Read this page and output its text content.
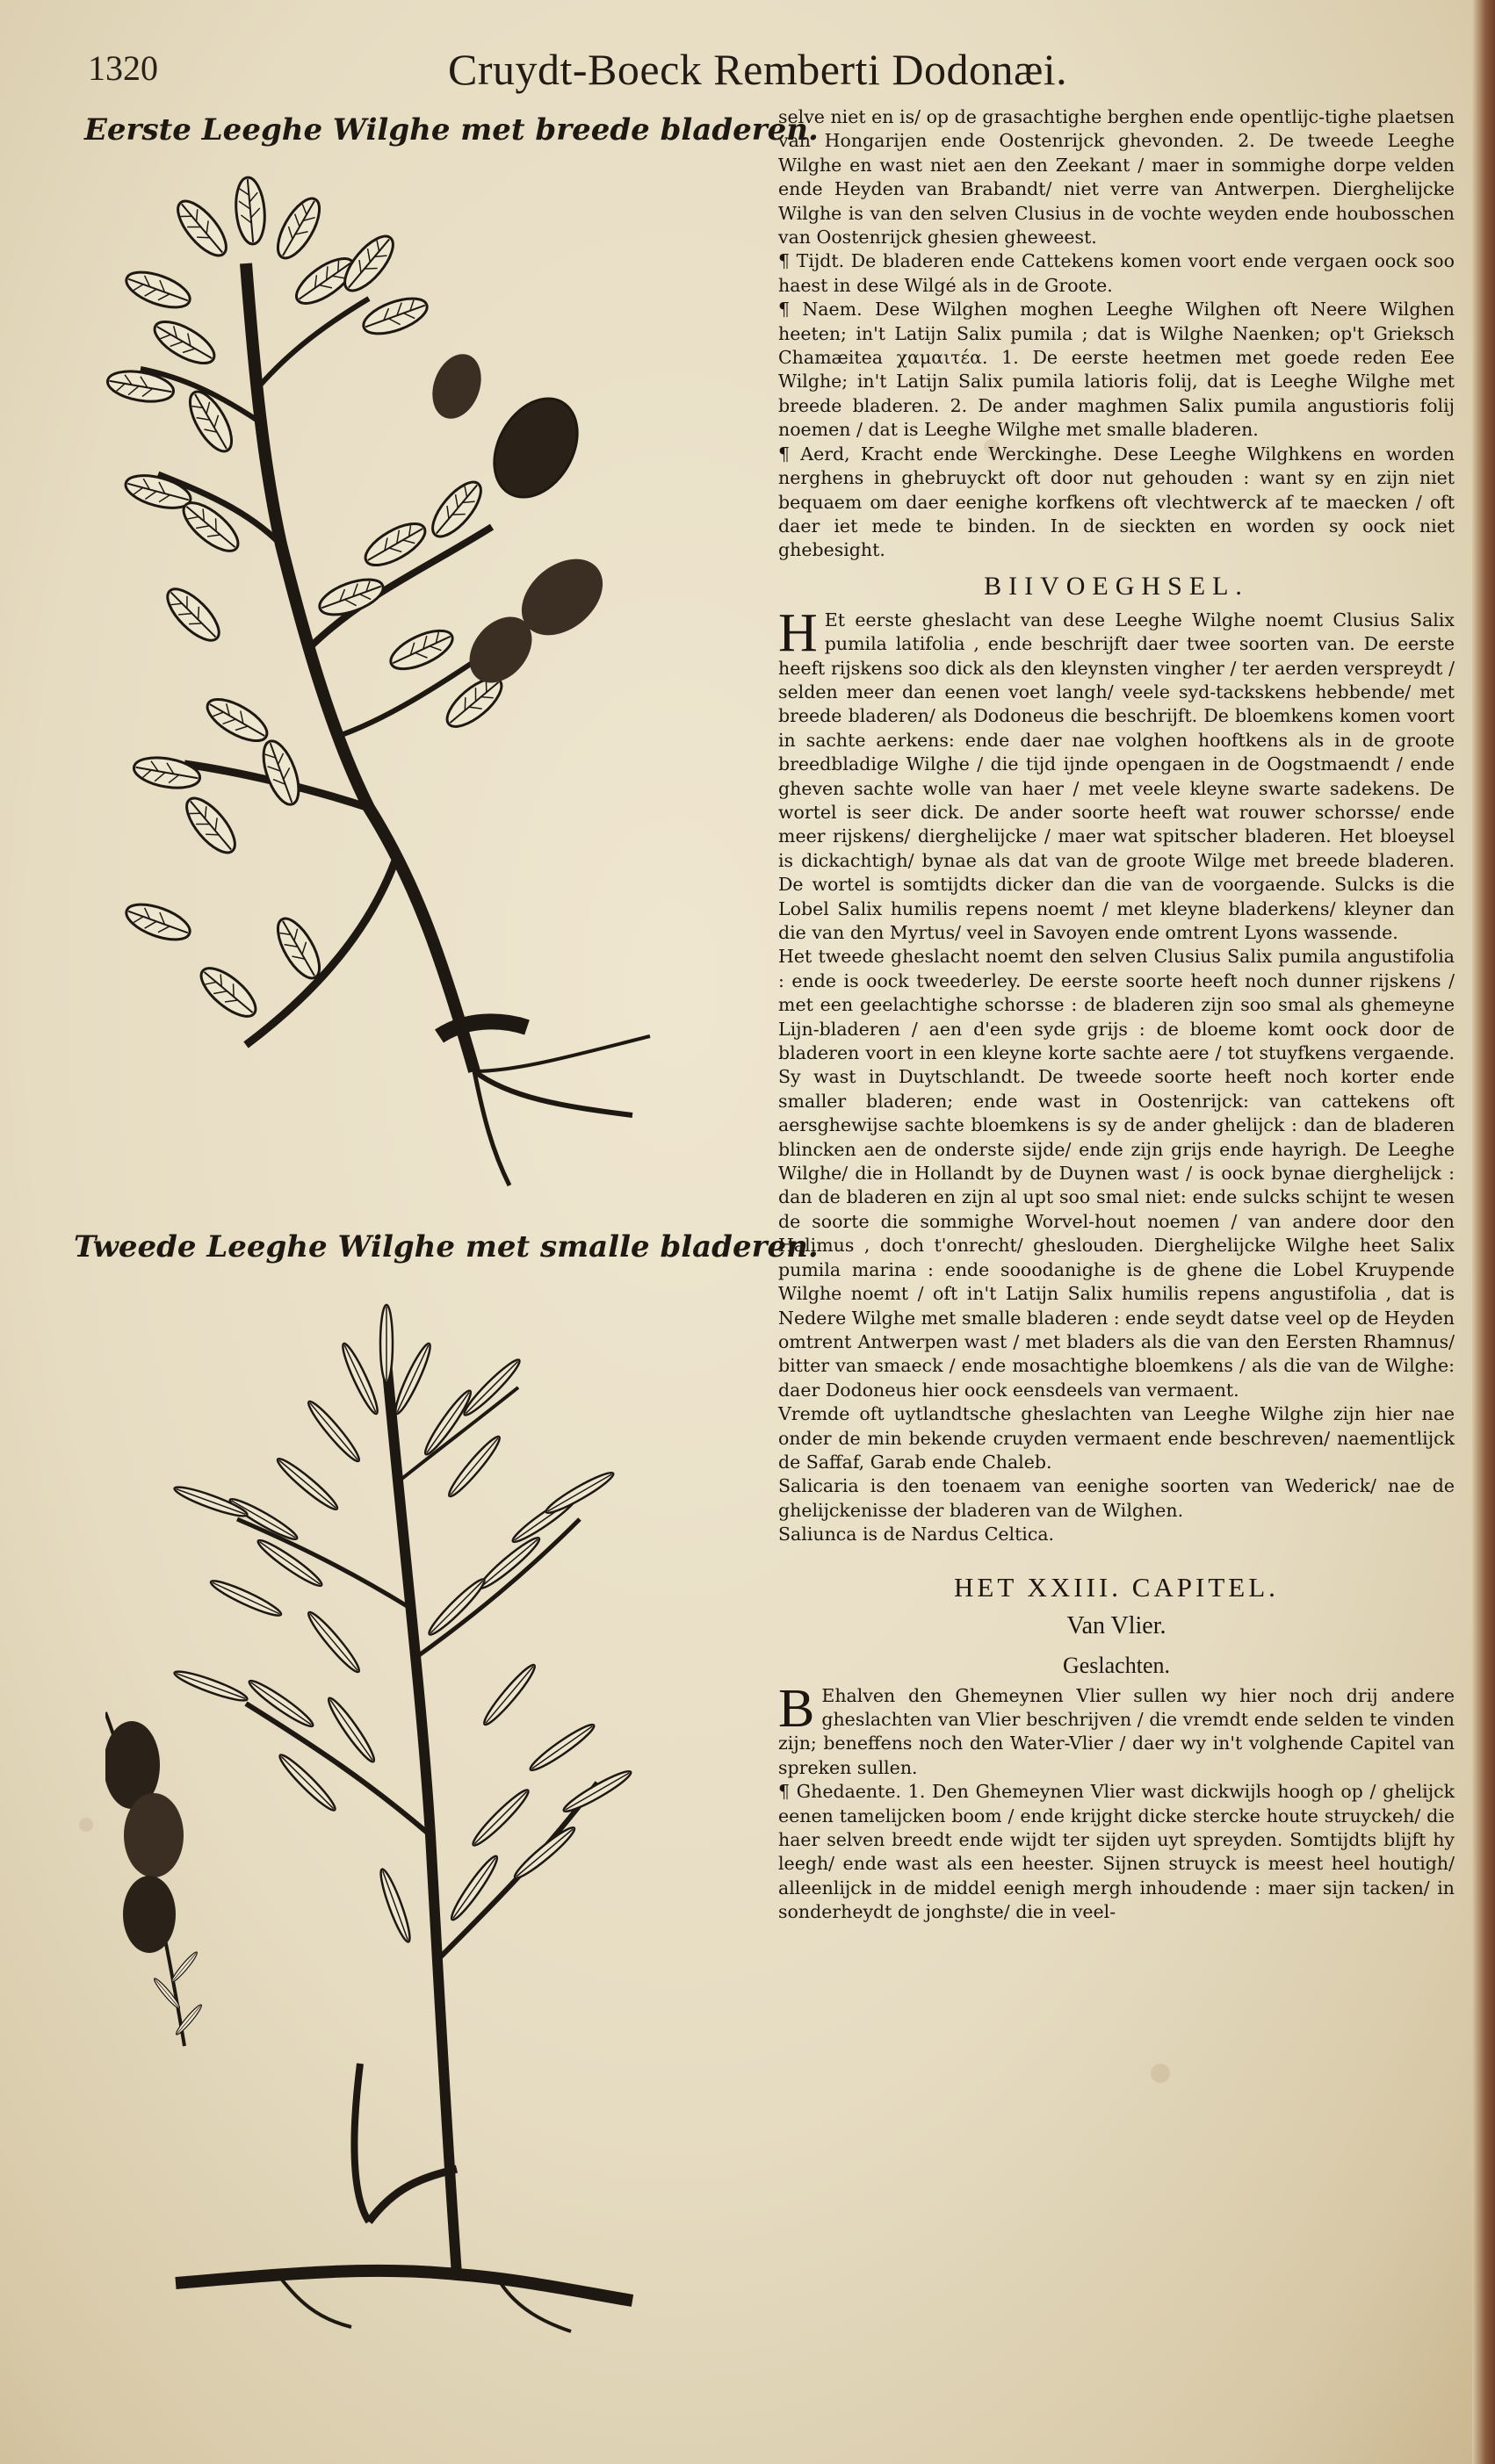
1320	Cruydt-Boeck Remberti Dodonæi.
Eerste Leeghe Wilghe met breede bladeren.
Tweede Leeghe Wilghe met smalle bladeren.

selve niet en is/ op de grasachtighe berghen ende opentlijc-tighe plaetsen van Hongarijen ende Oostenrijck ghevonden. 2. De tweede Leeghe Wilghe en wast niet aen den Zeekant / maer in sommighe dorpe velden ende Heyden van Brabandt/ niet verre van Antwerpen. Dierghelijcke Wilghe is van den selven Clusius in de vochte weyden ende houbosschen van Oostenrijck ghesien ghewеest.

¶ Tijdt. De bladeren ende Cattekens komen voort ende vergaen oock soo haest in dese Wilgé als in de Groote.

¶ Naem. Dese Wilghen moghen Leeghe Wilghen oft Neere Wilghen heeten; in't Latijn Salix pumila ; dat is Wilghe Naenken; op't Grieksch Chamæitea χαμαιτέα. 1. De eerste heetmen met goede reden Eee Wilghe; in't Latijn Salix pumila latioris folij, dat is Leeghe Wilghe met breede bladeren. 2. De ander maghmen Salix pumila angustioris folij noemen / dat is Leeghe Wilghe met smalle bladeren.

¶ Aerd, Kracht ende Werckinghe. Dese Leeghe Wilghkens en worden nerghens in ghebruyckt oft door nut gehouden : want sy en zijn niet bequaem om daer eenighe korfkens oft vlechtwerck af te maecken / oft daer iet mede te binden. In de sieckten en worden sy oock niet ghebesight.

BIIVOEGHSEL.

H Et eerste gheslacht van dese Leeghe Wilghe noemt Clusius Salix pumila latifolia , ende beschrijft daer twee soorten van. De eerste heeft rijskens soo dick als den kleynsten vingher / ter aerden verspreydt / selden meer dan eenen voet langh/ vеele syd-tackskens hebbende/ met breede bladeren/ als Dodoneus die beschrijft. De bloemkens komen voort in sachte aerkens: ende daer nae volghen hooftkens als in de groote breedbladige Wilghe / die tijd ijnde opengaen in de Oogstmaendt / ende gheven sachte wolle van haer / met veele kleyne swarte sadekens. De wortel is seer dick. De ander soorte heeft wat rouwer schorsse/ ende meer rijskens/ dierghelijcke / maer wat spitscher bladeren. Het bloeysel is dickachtigh/ bynae als dat van de groote Wilge met breede bladeren. De wortel is somtijdts dicker dan die van de voorgaende. Sulcks is die Lobel Salix humilis repens noemt / met kleyne bladerkens/ kleyner dan die van den Myrtus/ veel in Savoyen ende omtrent Lyons wassende.

Het tweede gheslacht noemt den selven Clusius Salix pumila angustifolia : ende is oock tweederley. De eerste soorte heeft noch dunner rijskens / met een geelachtighe schorsse : de bladeren zijn soo smal als ghemeyne Lijn-bladeren / aen d'een syde grijs : de bloeme komt oock door de bladeren voort in een kleyne korte sachte aere / tot stuyfkens vergaende. Sy wast in Duytschlandt. De tweede soorte heeft noch korter ende smaller bladeren; ende wast in Oostenrijck: van cattekens oft aersghewijse sachte bloemkens is sy de ander ghelijck : dan de bladeren blincken aen de onderste sijde/ ende zijn grijs ende hayrigh. De Leeghe Wilghe/ die in Hollandt by de Duynen wast / is oock bynae dierghelijck : dan de bladeren en zijn al upt soo smal niet: ende sulcks schijnt te wesen de soorte die sommighe Worvel-hout noemen / van andere door den Halimus , doch t'onrecht/ gheslouden. Dierghelijcke Wilghe heet Salix pumila marina : ende sooodanighe is de ghene die Lobel Kruypende Wilghe noemt / oft in't Latijn Salix humilis repens angustifolia , dat is Nedere Wilghe met smalle bladeren : ende seydt datse veel op de Heyden omtrent Antwerpen wast / met bladers als die van den Eersten Rhamnus/ bitter van smaeck / ende mosachtighe bloemkens / als die van de Wilghe: daer Dodoneus hier oock eensdeels van vermaent.

Vremde oft uytlandtsche gheslachten van Leeghe Wilghe zijn hier nae onder de min bekende cruyden vermaent ende beschreven/ naementlijck de Saffaf, Garab ende Chaleb.

Salicaria is den toenaem van eenighe soorten van Wederick/ nae de ghelijckenisse der bladeren van de Wilghen.

Saliunca is de Nardus Celtica.

HET XXIII. CAPITEL.
Van Vlier.
Geslachten.

B Ehalven den Ghemeynen Vlier sullen wy hier noch drij andere gheslachten van Vlier beschrijven / die vremdt ende selden te vinden zijn; beneffens noch den Water-Vlier / daer wy in't volghende Capitel van spreken sullen.

¶ Ghedaente. 1. Den Ghemeynen Vlier wast dickwijls hoogh op / ghelijck eenen tamelijcken boom / ende krijght dicke stercke houte struyckeh/ die haer selven breedt ende wijdt ter sijden uyt spreyden. Somtijdts blijft hy leegh/ ende wast als een heester. Sijnen struyck is meest heel houtigh/ alleenlijck in de middel eenigh mergh inhoudende : maer sijn tacken/ in sonderheydt de jonghste/ die in veel-
